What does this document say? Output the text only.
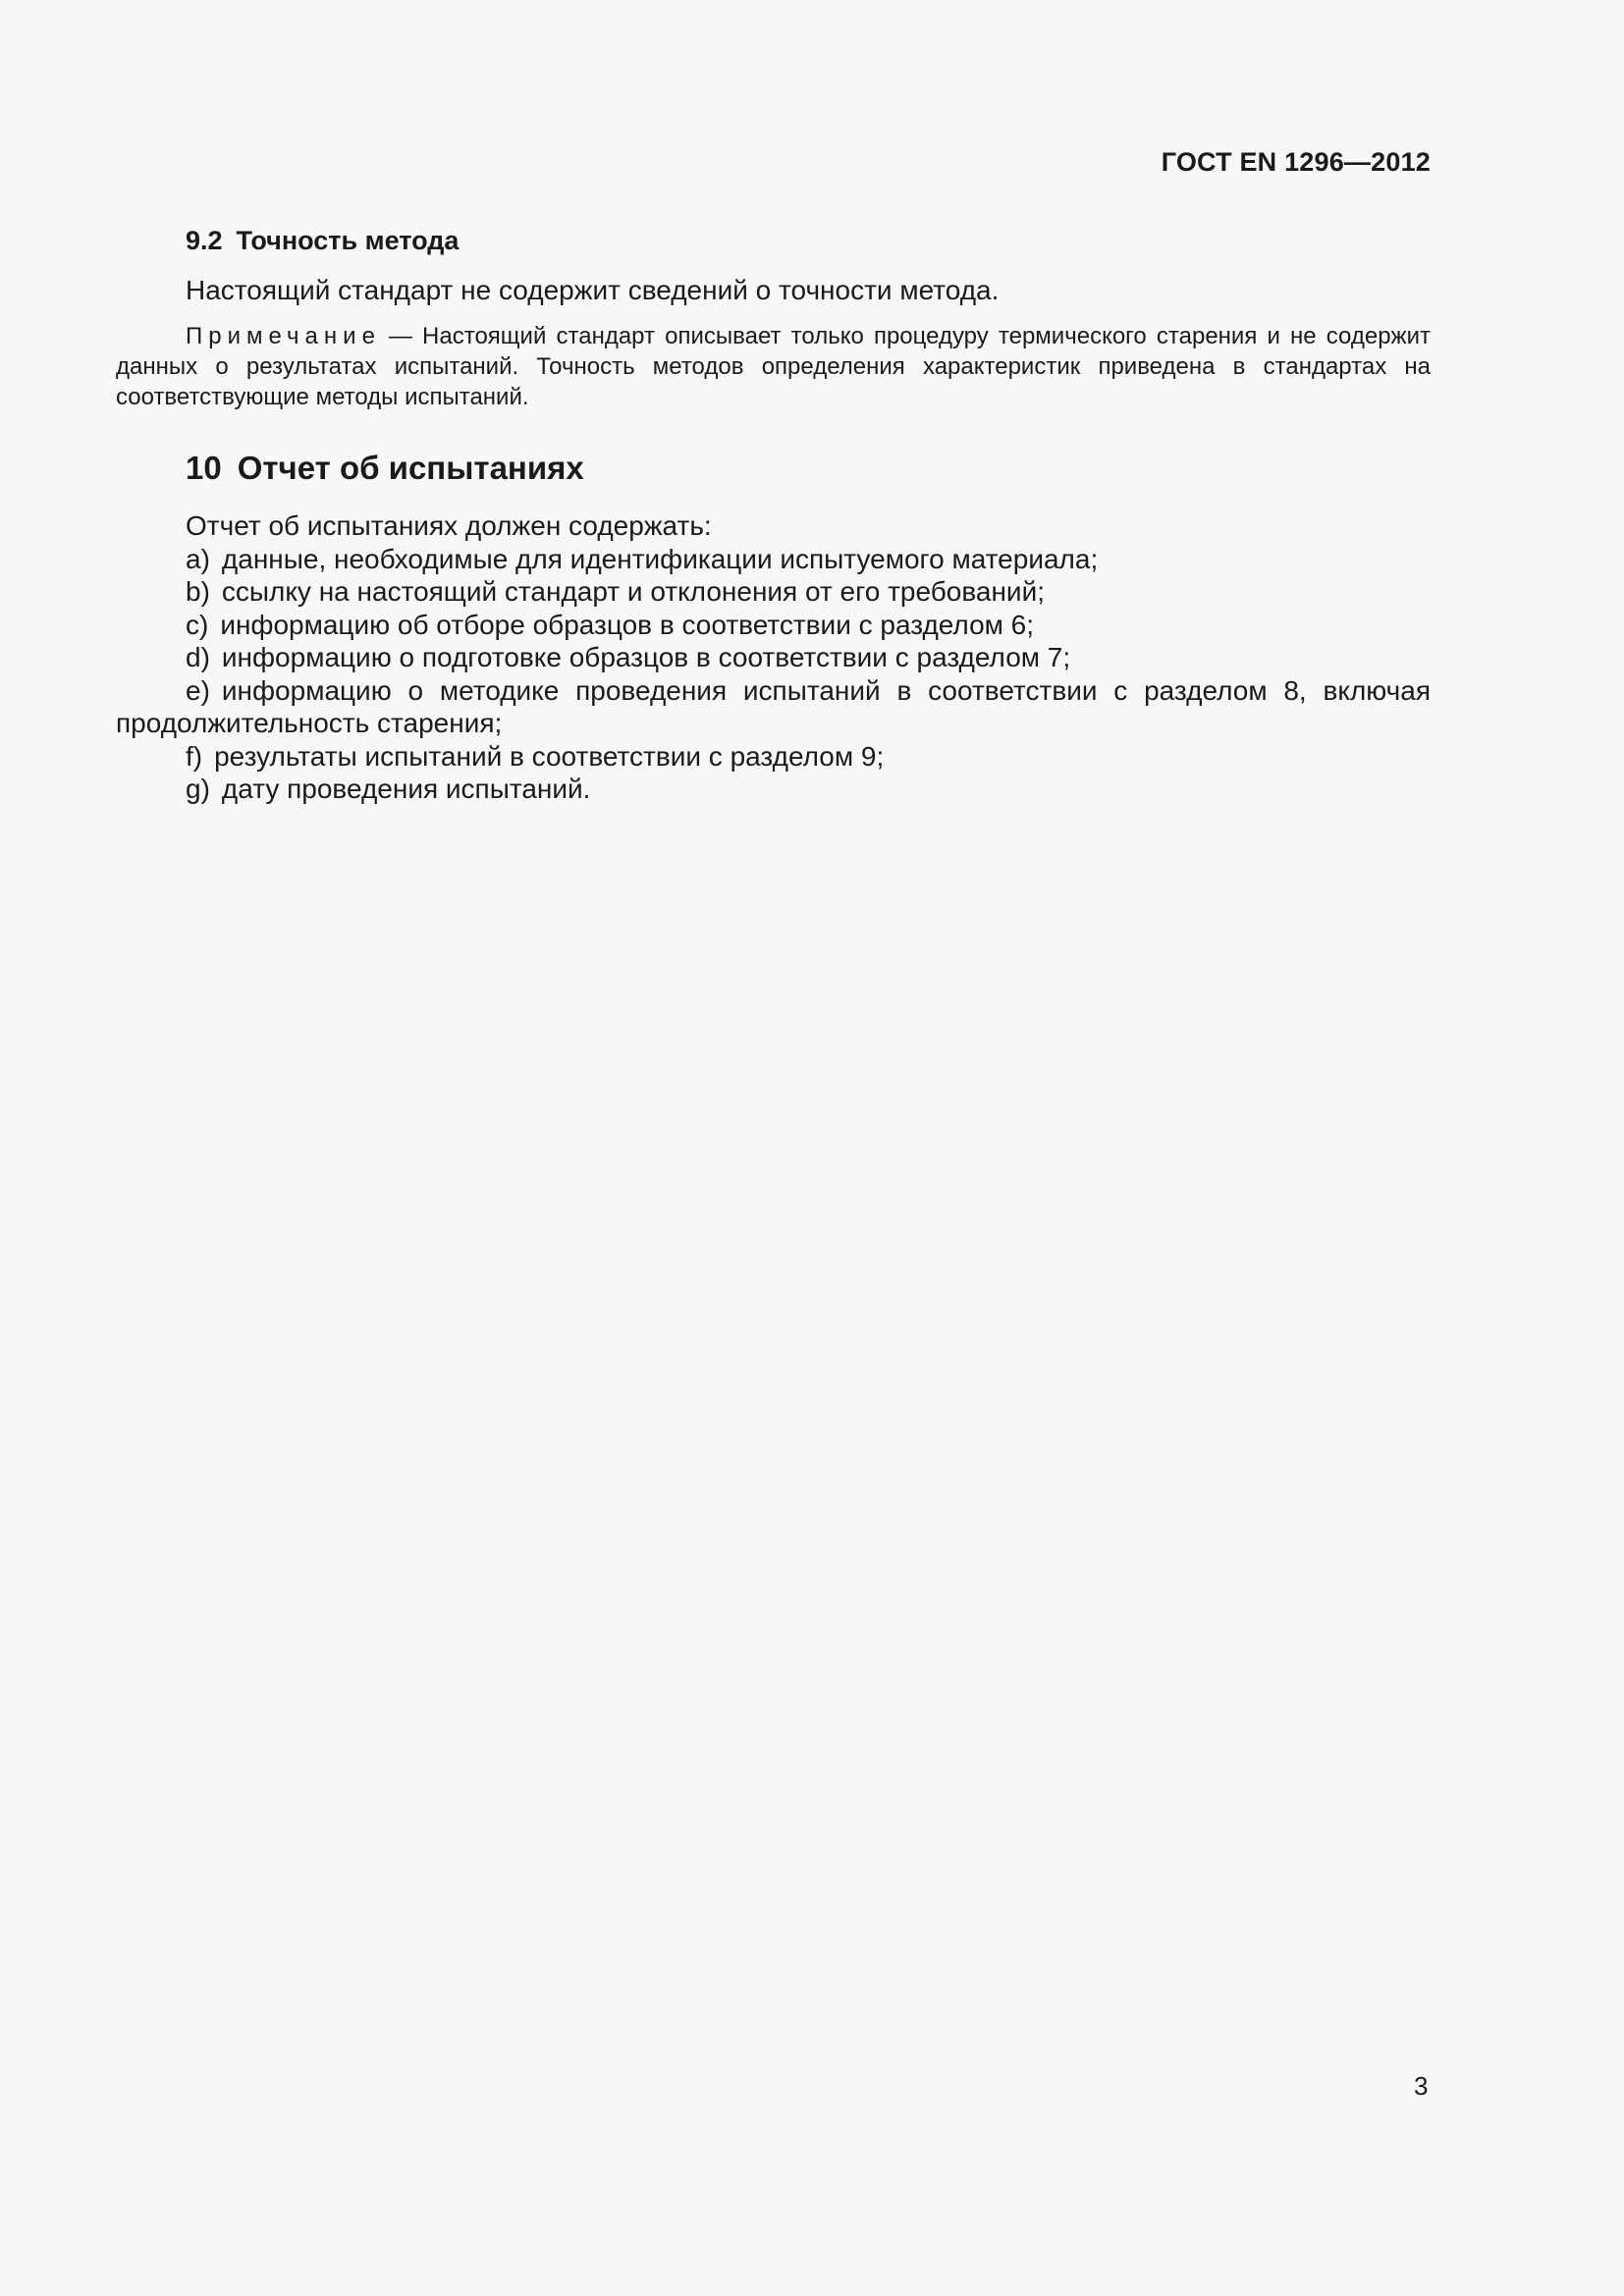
ГОСТ EN 1296—2012
9.2 Точность метода

Настоящий стандарт не содержит сведений о точности метода.

Примечание — Настоящий стандарт описывает только процедуру термического старения и не содержит данных о результатах испытаний. Точность методов определения характеристик приведена в стандартах на соответствующие методы испытаний.

10 Отчет об испытаниях

Отчет об испытаниях должен содержать:

a) данные, необходимые для идентификации испытуемого материала;

b) ссылку на настоящий стандарт и отклонения от его требований;

c) информацию об отборе образцов в соответствии с разделом 6;

d) информацию о подготовке образцов в соответствии с разделом 7;

e) информацию о методике проведения испытаний в соответствии с разделом 8, включая продолжительность старения;

f) результаты испытаний в соответствии с разделом 9;

g) дату проведения испытаний.

3
